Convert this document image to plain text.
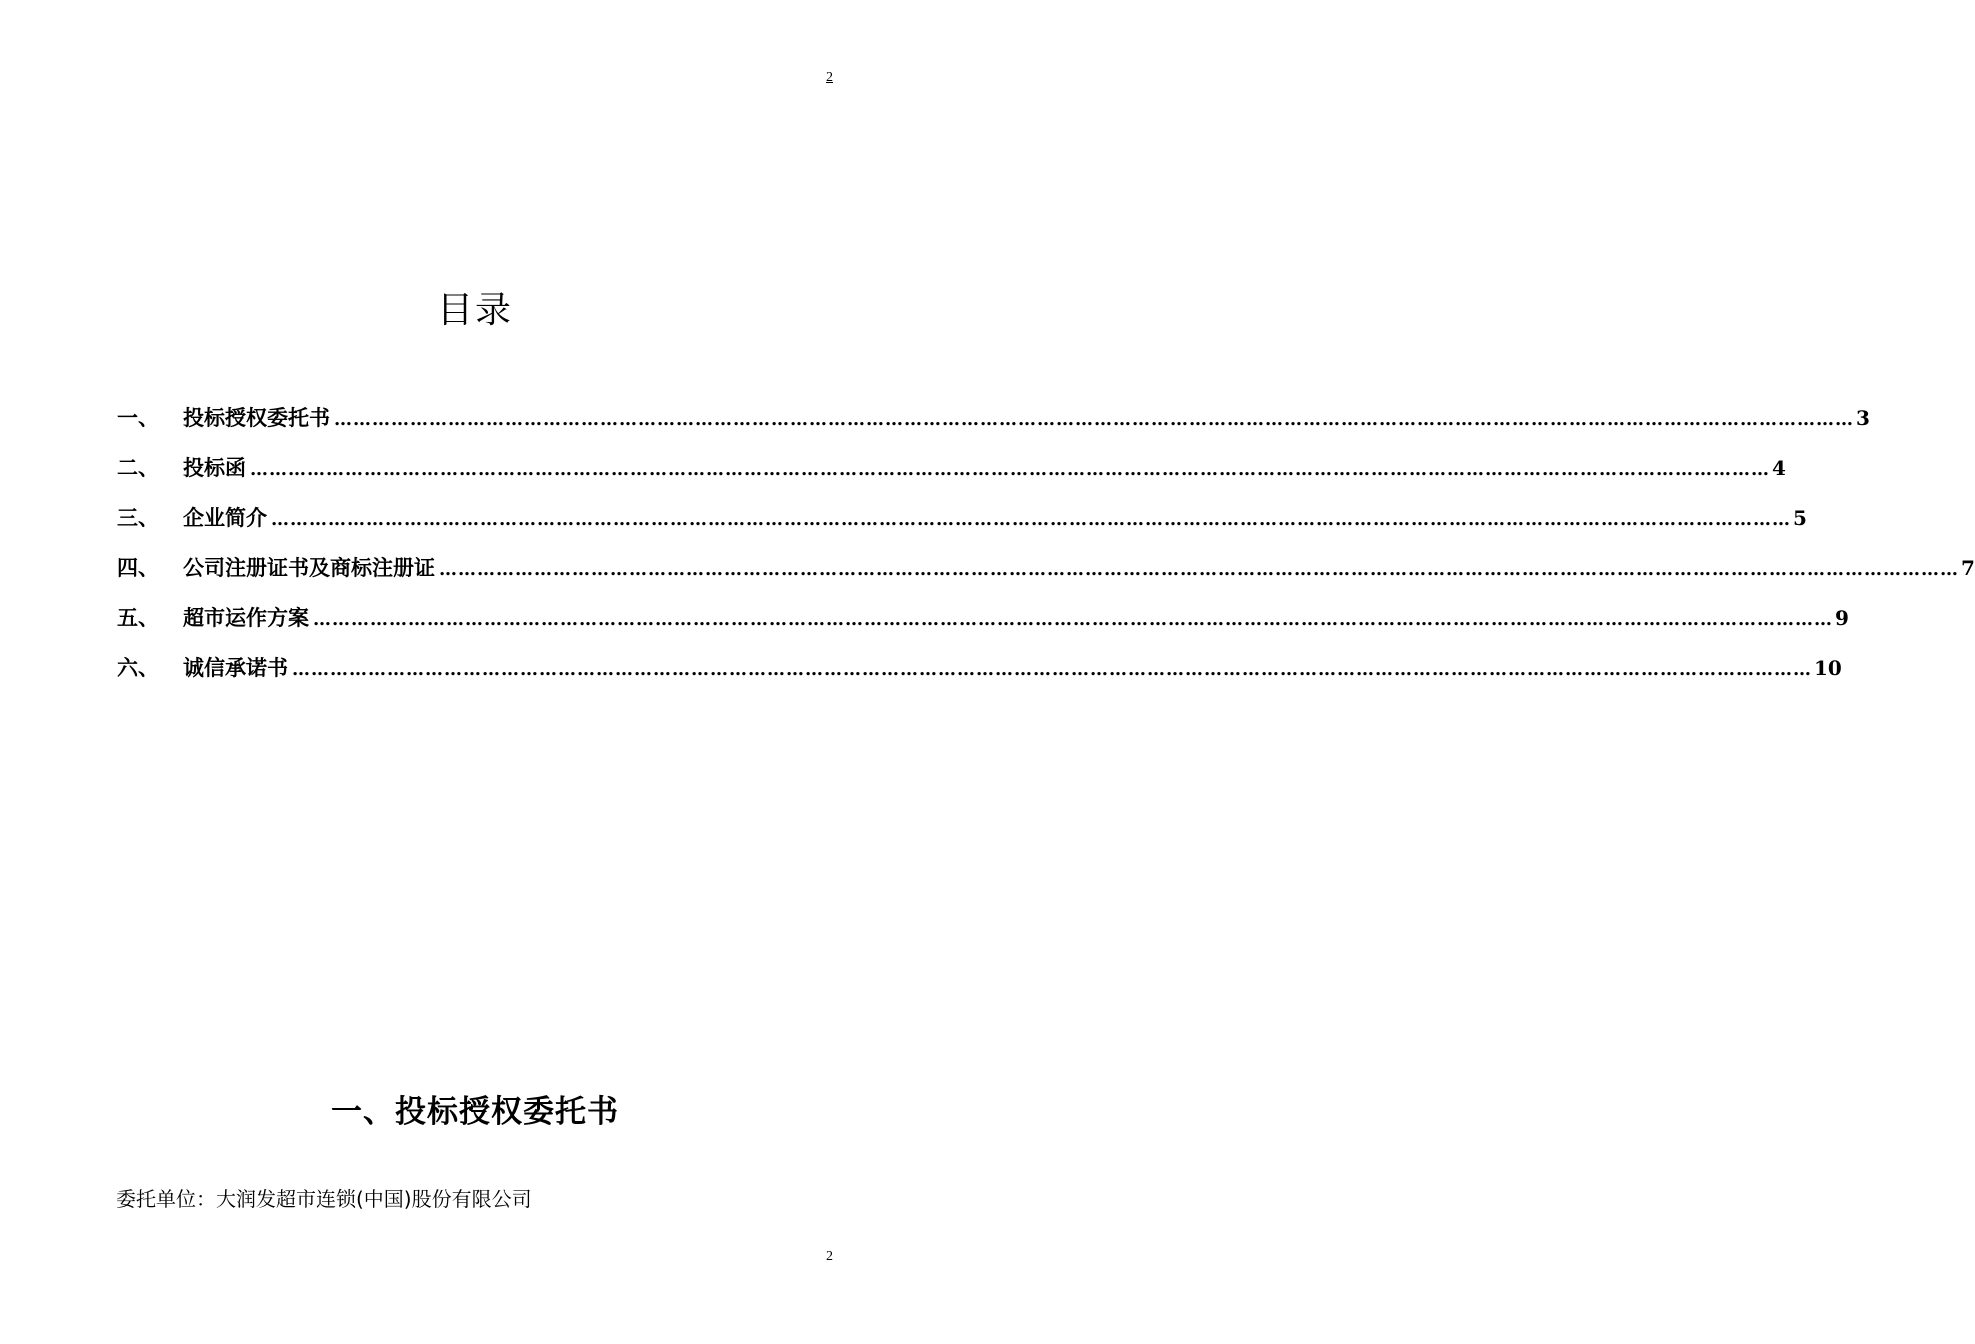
2
目录
一、	投标授权委托书 …………………………………………………………………………………………………………………………………………………………………………………………………………………… 3
二、	投标函 …………………………………………………………………………………………………………………………………………………………………………………………………………………… 4
三、	企业简介 …………………………………………………………………………………………………………………………………………………………………………………………………………………… 5
四、	公司注册证书及商标注册证 …………………………………………………………………………………………………………………………………………………………………………………………………………………… 7
五、	超市运作方案 …………………………………………………………………………………………………………………………………………………………………………………………………………………… 9
六、	诚信承诺书 …………………………………………………………………………………………………………………………………………………………………………………………………………………… 10
一、投标授权委托书
委托单位：大润发超市连锁(中国)股份有限公司
2
